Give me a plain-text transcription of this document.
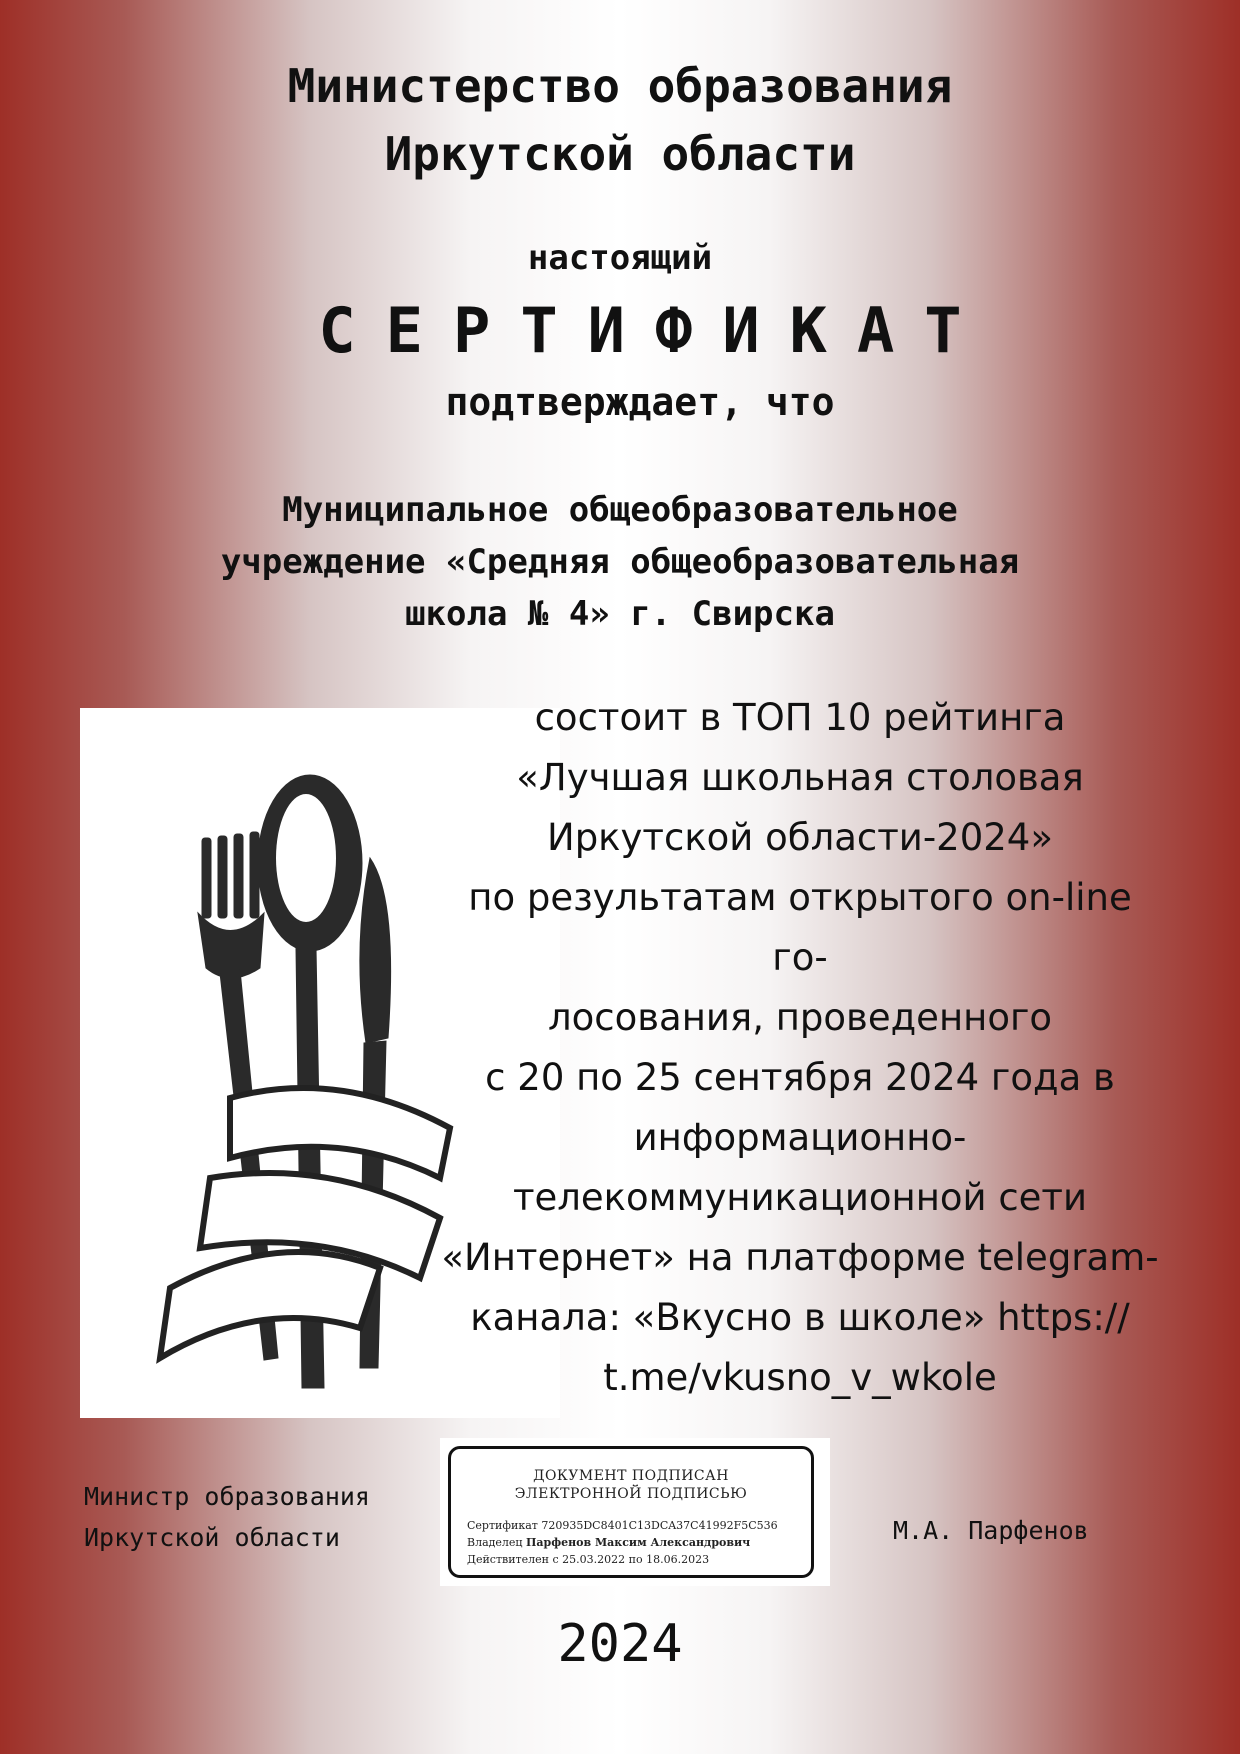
Министерство образования
Иркутской области
настоящий
СЕРТИФИКАТ
подтверждает, что
Муниципальное общеобразовательное
учреждение «Средняя общеобразовательная
школа № 4» г. Свирска
состоит в ТОП 10 рейтинга
«Лучшая школьная столовая
Иркутской области-2024»
по результатам открытого on-line го-
лосования, проведенного
с 20 по 25 сентября 2024 года в
информационно-
телекоммуникационной сети
«Интернет» на платформе telegram-
канала: «Вкусно в школе» https://
t.me/vkusno_v_wkole
Министр образования
Иркутской области
ДОКУМЕНТ ПОДПИСАН
ЭЛЕКТРОННОЙ ПОДПИСЬЮ
Сертификат 720935DC8401C13DCA37C41992F5C536
Владелец Парфенов Максим Александрович
Действителен с 25.03.2022 по 18.06.2023
М.А. Парфенов
2024
